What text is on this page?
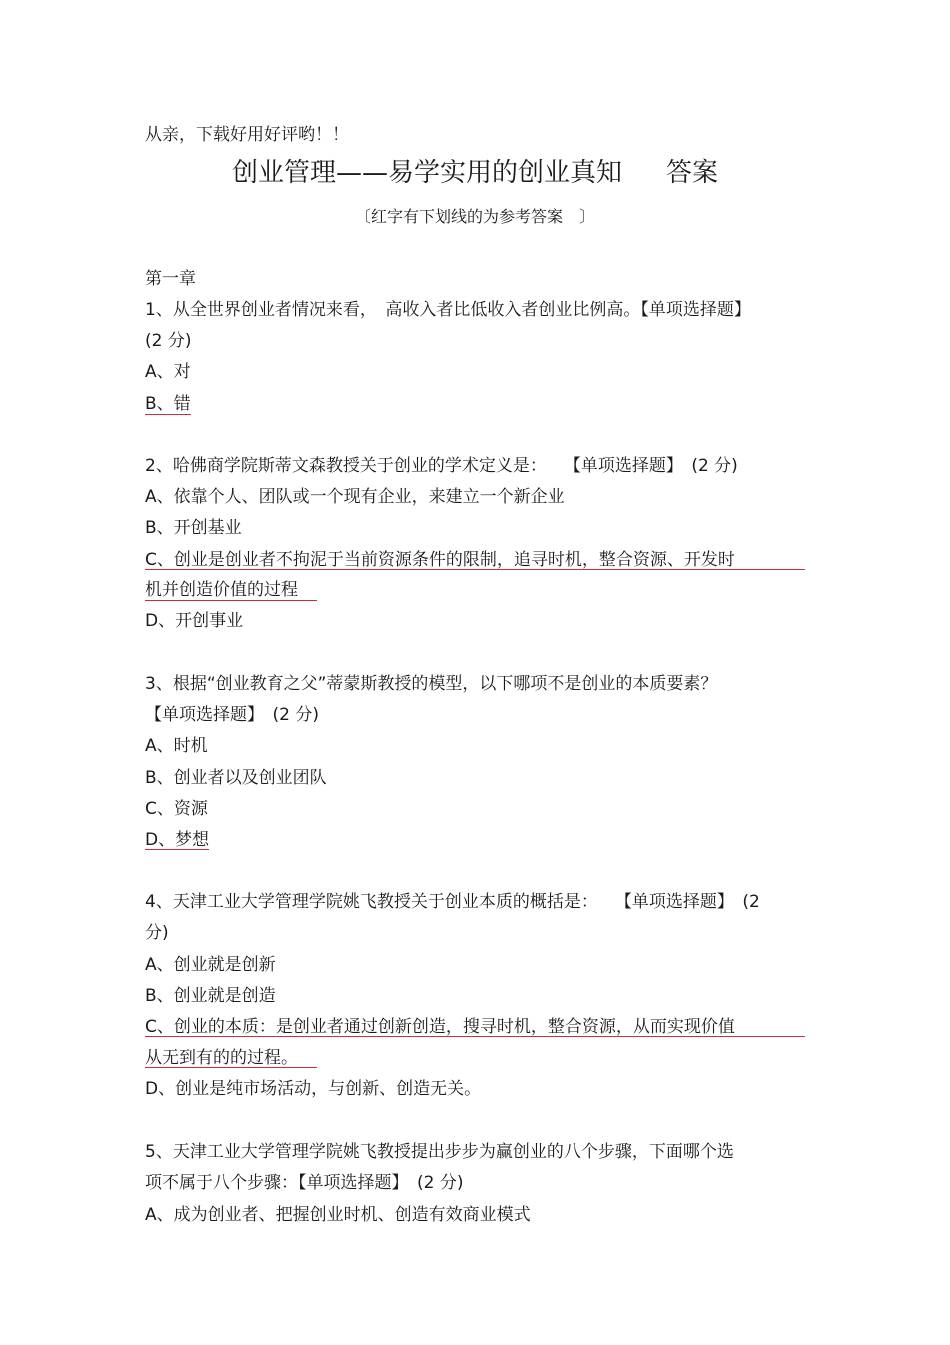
从亲，下载好用好评哟！！

创业管理——易学实用的创业真知 答案

〔红字有下划线的为参考答案　〕

第一章

1、从全世界创业者情况来看，　高收入者比低收入者创业比例高。【单项选择题】

(2 分)

A、对

B、错

2、哈佛商学院斯蒂文森教授关于创业的学术定义是：　　【单项选择题】　(2 分)

A、依靠个人、团队或一个现有企业，来建立一个新企业

B、开创基业

C、创业是创业者不拘泥于当前资源条件的限制，追寻时机，整合资源、开发时

机并创造价值的过程

D、开创事业

3、根据“创业教育之父”蒂蒙斯教授的模型，以下哪项不是创业的本质要素？

【单项选择题】　(2 分)

A、时机

B、创业者以及创业团队

C、资源

D、梦想

4、天津工业大学管理学院姚飞教授关于创业本质的概括是：　　【单项选择题】　(2

分)

A、创业就是创新

B、创业就是创造

C、创业的本质：是创业者通过创新创造，搜寻时机，整合资源，从而实现价值

从无到有的的过程。

D、创业是纯市场活动，与创新、创造无关。

5、天津工业大学管理学院姚飞教授提出步步为赢创业的八个步骤，下面哪个选

项不属于八个步骤：【单项选择题】　(2 分)

A、成为创业者、把握创业时机、创造有效商业模式
